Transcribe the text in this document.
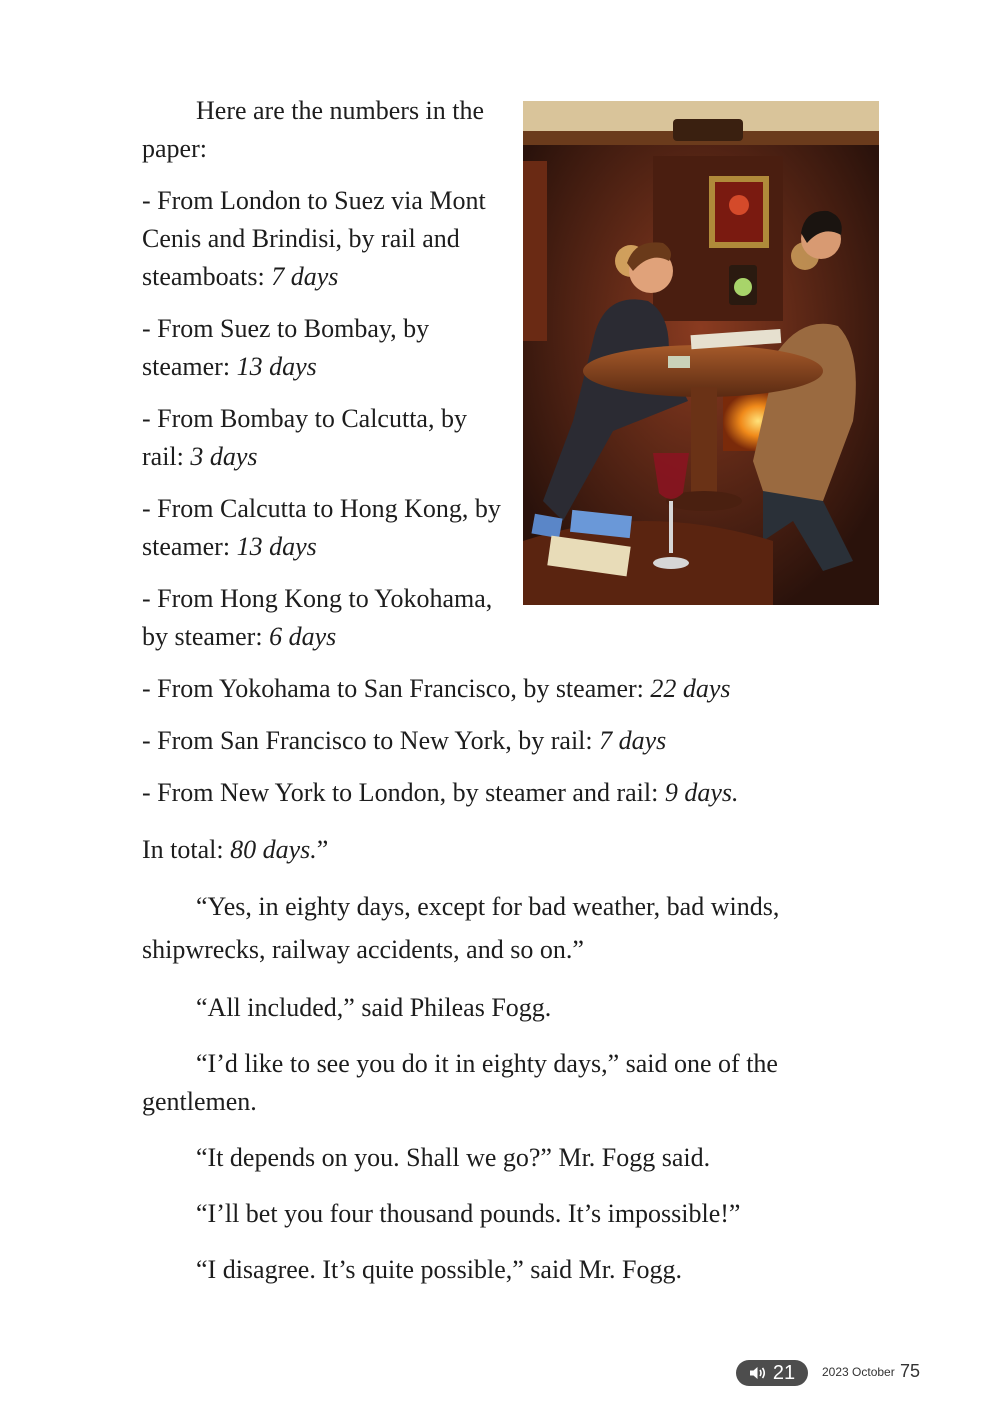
Here are the numbers in the paper:

- From London to Suez via Mont Cenis and Brindisi, by rail and steamboats: 7 days

- From Suez to Bombay, by steamer: 13 days

- From Bombay to Calcutta, by rail: 3 days

- From Calcutta to Hong Kong, by steamer: 13 days

- From Hong Kong to Yokohama, by steamer: 6 days

- From Yokohama to San Francisco, by steamer: 22 days

- From San Francisco to New York, by rail: 7 days

- From New York to London, by steamer and rail: 9 days.

In total: 80 days.”

“Yes, in eighty days, except for bad weather, bad winds, shipwrecks, railway accidents, and so on.”

“All included,” said Phileas Fogg.

“I’d like to see you do it in eighty days,” said one of the gentlemen.

“It depends on you. Shall we go?” Mr. Fogg said.

“I’ll bet you four thousand pounds. It’s impossible!”

“I disagree. It’s quite possible,” said Mr. Fogg.

21 2023 October 75
